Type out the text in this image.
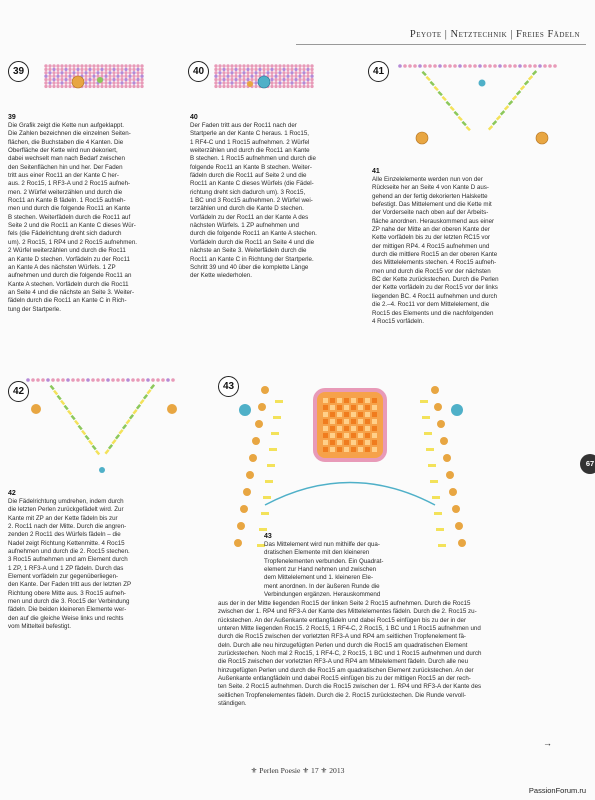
Peyote | Netztechnik | Freies Fädeln
39	40	41
39

Die Grafik zeigt die Kette nun aufgeklappt.

Die Zahlen bezeichnen die einzelnen Seiten-

flächen, die Buchstaben die 4 Kanten. Die

Oberfläche der Kette wird nun dekoriert,

dabei wechselt man nach Bedarf zwischen

den Seitenflächen hin und her. Der Faden

tritt aus einer Roc11 an der Kante C her-

aus. 2 Roc15, 1 RF3-A und 2 Roc15 aufneh-

men. 2 Würfel weiterzählen und durch die

Roc11 an Kante B fädeln. 1 Roc15 aufneh-

men und durch die folgende Roc11 an Kante

B stechen. Weiterfädeln durch die Roc11 auf

Seite 2 und die Roc11 an Kante C dieses Wür-

fels (die Fädelrichtung dreht sich dadurch

um). 2 Roc15, 1 RP4 und 2 Roc15 aufnehmen.

2 Würfel weiterzählen und durch die Roc11

an Kante D stechen. Vorfädeln zu der Roc11

an Kante A des nächsten Würfels. 1 ZP

aufnehmen und durch die folgende Roc11 an

Kante A stechen. Vorfädeln durch die Roc11

an Seite 4 und die nächste an Seite 3. Weiter-

fädeln durch die Roc11 an Kante C in Rich-

tung der Startperle.

40

Der Faden tritt aus der Roc11 nach der

Startperle an der Kante C heraus. 1 Roc15,

1 RF4-C und 1 Roc15 aufnehmen. 2 Würfel

weiterzählen und durch die Roc11 an Kante

B stechen. 1 Roc15 aufnehmen und durch die

folgende Roc11 an Kante B stechen. Weiter-

fädeln durch die Roc11 auf Seite 2 und die

Roc11 an Kante C dieses Würfels (die Fädel-

richtung dreht sich dadurch um). 3 Roc15,

1 BC und 3 Roc15 aufnehmen. 2 Würfel wei-

terzählen und durch die Kante D stechen.

Vorfädeln zu der Roc11 an der Kante A des

nächsten Würfels. 1 ZP aufnehmen und

durch die folgende Roc11 an Kante A stechen.

Vorfädeln durch die Roc11 an Seite 4 und die

nächste an Seite 3. Weiterfädeln durch die

Roc11 an Kante C in Richtung der Startperle.

Schritt 39 und 40 über die komplette Länge

der Kette wiederholen.

41

Alle Einzelelemente werden nun von der

Rückseite her an Seite 4 von Kante D aus-

gehend an der fertig dekorierten Halskette

befestigt. Das Mittelement und die Kette mit

der Vorderseite nach oben auf der Arbeits-

fläche anordnen. Herauskommend aus einer

ZP nahe der Mitte an der oberen Kante der

Kette vorfädeln bis zu der letzten RC15 vor

der mittigen RP4. 4 Roc15 aufnehmen und

durch die mittlere Roc15 an der oberen Kante

des Mittelelements stechen. 4 Roc15 aufneh-

men und durch die Roc15 vor der nächsten

BC der Kette zurückstechen. Durch die Perlen

der Kette vorfädeln zu der Roc15 vor der links

liegenden BC. 4 Roc11 aufnehmen und durch

die 2.–4. Roc11 vor dem Mittelelement, die

Roc15 des Elements und die nachfolgenden

4 Roc15 vorfädeln.

42	43
42

Die Fädelrichtung umdrehen, indem durch

die letzten Perlen zurückgefädelt wird. Zur

Kante mit ZP an der Kette fädeln bis zur

2. Roc11 nach der Mitte. Durch die angren-

zenden 2 Roc11 des Würfels fädeln – die

Nadel zeigt Richtung Kettenmitte. 4 Roc15

aufnehmen und durch die 2. Roc15 stechen.

3 Roc15 aufnehmen und am Element durch

1 ZP, 1 RF3-A und 1 ZP fädeln. Durch das

Element vorfädeln zur gegenüberliegen-

den Kante. Der Faden tritt aus der letzten ZP

Richtung obere Mitte aus. 3 Roc15 aufneh-

men und durch die 3. Roc15 der Verbindung

fädeln. Die beiden kleineren Elemente wer-

den auf die gleiche Weise links und rechts

vom Mittelteil befestigt.

43

Das Mittelement wird nun mithilfe der qua-

dratischen Elemente mit den kleineren

Tropfenelementen verbunden. Ein Quadrat-

element zur Hand nehmen und zwischen

dem Mittelelement und 1. kleineren Ele-

ment anordnen. In der äußeren Runde die

Verbindungen ergänzen. Herauskommend

aus der in der Mitte liegenden Roc15 der linken Seite 2 Roc15 aufnehmen. Durch die Roc15

zwischen der 1. RP4 und RF3-A der Kante des Mittelelementes fädeln. Durch die 2. Roc15 zu-

rückstechen. An der Außenkante entlangfädeln und dabei Roc15 einfügen bis zu der in der

unteren Mitte liegenden Roc15. 2 Roc15, 1 RF4-C, 2 Roc15, 1 BC und 1 Roc15 aufnehmen und

durch die Roc15 zwischen der vorletzten RF3-A und RP4 am seitlichen Tropfenelement fä-

deln. Durch alle neu hinzugefügten Perlen und durch die Roc15 am quadratischen Element

zurückstechen. Noch mal 2 Roc15, 1 RF4-C, 2 Roc15, 1 BC und 1 Roc15 aufnehmen und durch

die Roc15 zwischen der vorletzten RF3-A und RP4 am Mittelelement fädeln. Durch alle neu

hinzugefügten Perlen und durch die Roc15 am quadratischen Element zurückstechen. An der

Außenkante entlangfädeln und dabei Roc15 einfügen bis zu der mittigen Roc15 an der rech-

ten Seite. 2 Roc15 aufnehmen. Durch die Roc15 zwischen der 1. RP4 und RF3-A der Kante des

seitlichen Tropfenelementes fädeln. Durch die 2. Roc15 zurückstechen. Die Runde vervoll-

ständigen.

→
67
⚜ Perlen Poesie ⚜ 17 ⚜ 2013
PassionForum.ru
